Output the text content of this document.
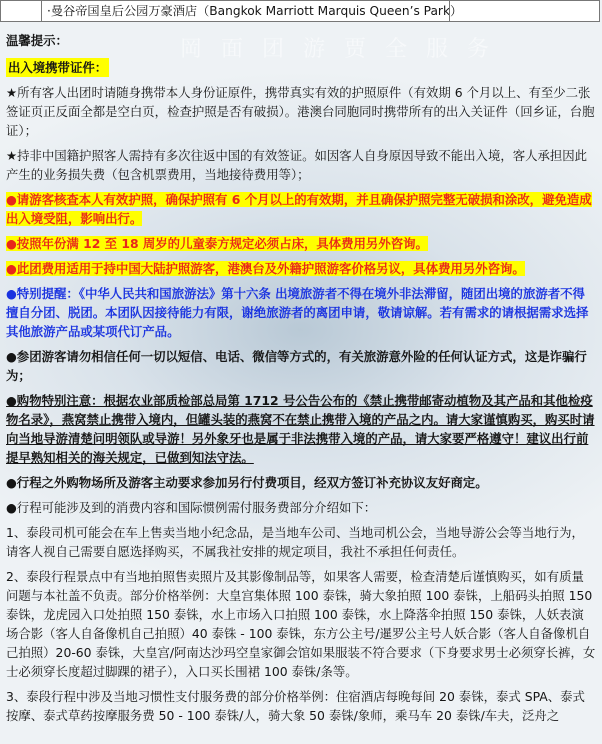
岡 面 团 游 贾 全 服 务
·曼谷帝国皇后公园万豪酒店（Bangkok Marriott Marquis Queen’s Park）
温馨提示：
出入境携带证件：

★所有客人出团时请随身携带本人身份证原件，携带真实有效的护照原件（有效期 6 个月以上、有至少二张签证页正反面全都是空白页，检查护照是否有破损）。港澳台同胞同时携带所有的出入关证件（回乡证，台胞证）；

★持非中国籍护照客人需持有多次往返中国的有效签证。如因客人自身原因导致不能出入境，客人承担因此产生的业务损失费（包含机票费用，当地接待费用等）；

●请游客核查本人有效护照，确保护照有 6 个月以上的有效期，并且确保护照完整无破损和涂改，避免造成出入境受阻，影响出行。

●按照年份满 12 至 18 周岁的儿童泰方规定必须占床，具体费用另外咨询。

●此团费用适用于持中国大陆护照游客，港澳台及外籍护照游客价格另议，具体费用另外咨询。

●特别提醒：《中华人民共和国旅游法》第十六条 出境旅游者不得在境外非法滞留，随团出境的旅游者不得擅自分团、脱团。本团队因接待能力有限，谢绝旅游者的离团申请，敬请谅解。若有需求的请根据需求选择其他旅游产品或某项代订产品。

●参团游客请勿相信任何一切以短信、电话、微信等方式的，有关旅游意外险的任何认证方式，这是诈骗行为；

●购物特别注意：根据农业部质检部总局第 1712 号公告公布的《禁止携带邮寄动植物及其产品和其他检疫物名录》，燕窝禁止携带入境内，但罐头装的燕窝不在禁止携带入境的产品之内。请大家谨慎购买，购买时请向当地导游清楚问明领队或导游！另外象牙也是属于非法携带入境的产品，请大家要严格遵守！建议出行前提早熟知相关的海关规定，已做到知法守法。

●行程之外购物场所及游客主动要求参加另行付费项目，经双方签订补充协议友好商定。

●行程可能涉及到的消费内容和国际惯例需付服务费部分介绍如下：

1、泰段司机可能会在车上售卖当地小纪念品，是当地车公司、当地司机公会，当地导游公会等当地行为，请客人视自己需要自愿选择购买，不属我社安排的规定项目，我社不承担任何责任。

2、泰段行程景点中有当地拍照售卖照片及其影像制品等，如果客人需要，检查清楚后谨慎购买，如有质量问题与本社盖不负责。部分价格举例：大皇宫集体照 100 泰铢，骑大象拍照 100 泰铢，上船码头拍照 150 泰铢，龙虎园入口处拍照 150 泰铢，水上市场入口拍照 100 泰铢，水上降落伞拍照 150 泰铢，人妖表演场合影（客人自备像机自己拍照）40 泰铢 - 100 泰铢，东方公主号/暹罗公主号人妖合影（客人自备像机自己拍照）20-60 泰铢，大皇宫/阿南达沙玛空皇家御会馆如果服装不符合要求（下身要求男士必须穿长裤，女士必须穿长度超过脚踝的裙子），入口买长围裙 100 泰铢/条等。

3、泰段行程中涉及当地习惯性支付服务费的部分价格举例：住宿酒店每晚每间 20 泰铢，泰式 SPA、泰式按摩、泰式草药按摩服务费 50 - 100 泰铢/人，骑大象 50 泰铢/象师，乘马车 20 泰铢/车夫，泛舟之
